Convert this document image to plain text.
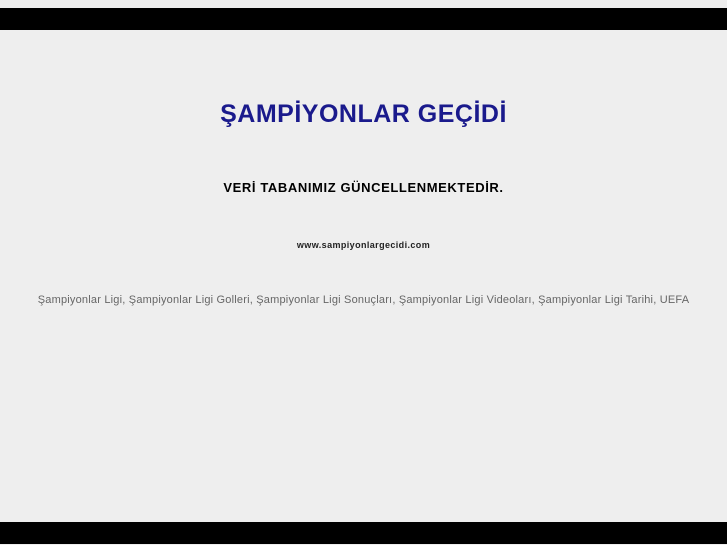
ŞAMPİYONLAR GEÇİDİ
VERİ TABANIMIZ GÜNCELLENMEKTEDİR.
www.sampiyonlargecidi.com
Şampiyonlar Ligi, Şampiyonlar Ligi Golleri, Şampiyonlar Ligi Sonuçları, Şampiyonlar Ligi Videoları, Şampiyonlar Ligi Tarihi, UEFA
